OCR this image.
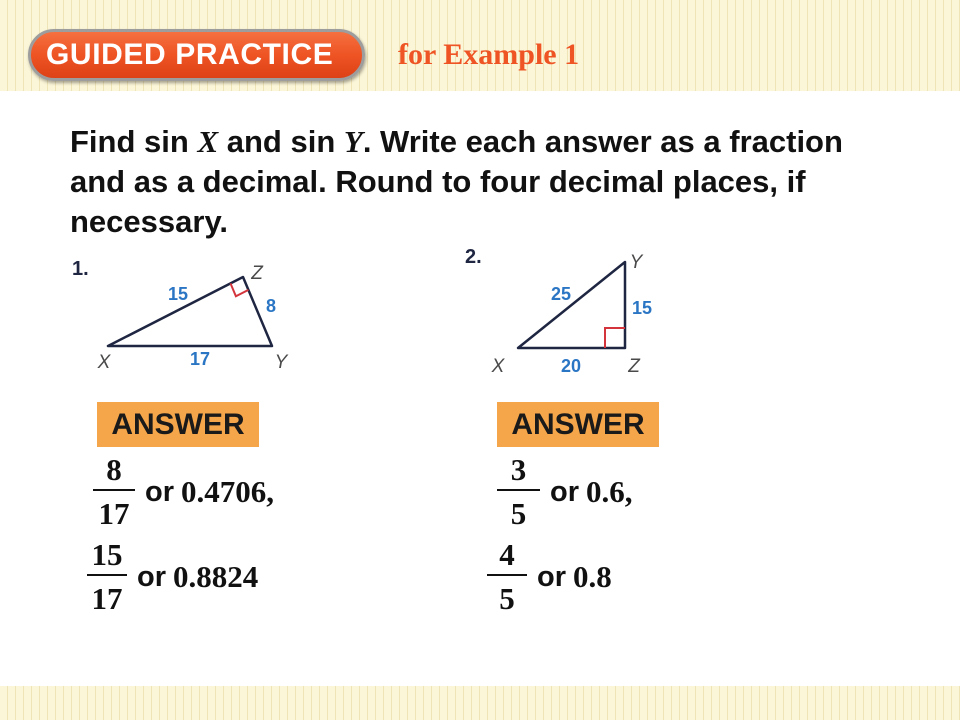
GUIDED PRACTICE	for Example 1
Find sin X and sin Y. Write each answer as a fraction
and as a decimal. Round to four decimal places, if
necessary.
1.
X	Y
Z
15
8
17
2.
X	Z
Y
25
15
20
ANSWER	ANSWER
$\frac{8}{17}$ or 0.4706,
$\frac{15}{17}$ or 0.8824
$\frac{3}{5}$ or 0.6,
$\frac{4}{5}$ or 0.8
